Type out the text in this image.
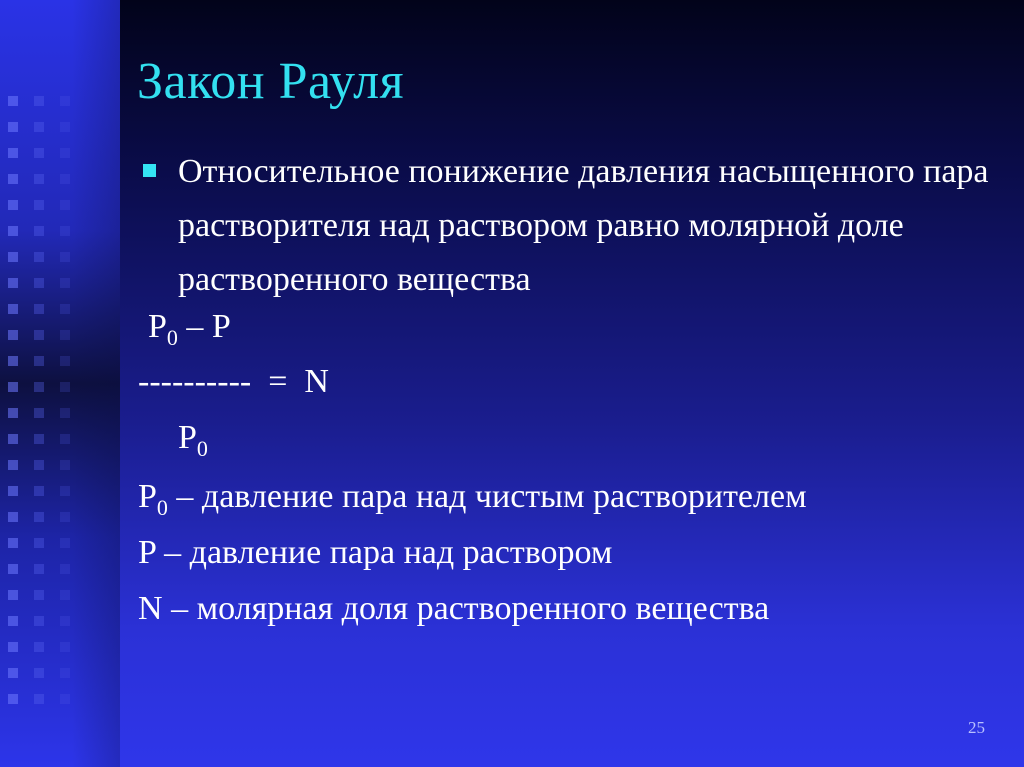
Закон Рауля
Относительное понижение давления насыщенного пара растворителя над раствором равно молярной доле растворенного вещества
$P_0$ – P
----------  =  N
$P_0$
$P_0$ – давление пара над чистым растворителем
P – давление пара над раствором
N – молярная доля растворенного вещества
25
